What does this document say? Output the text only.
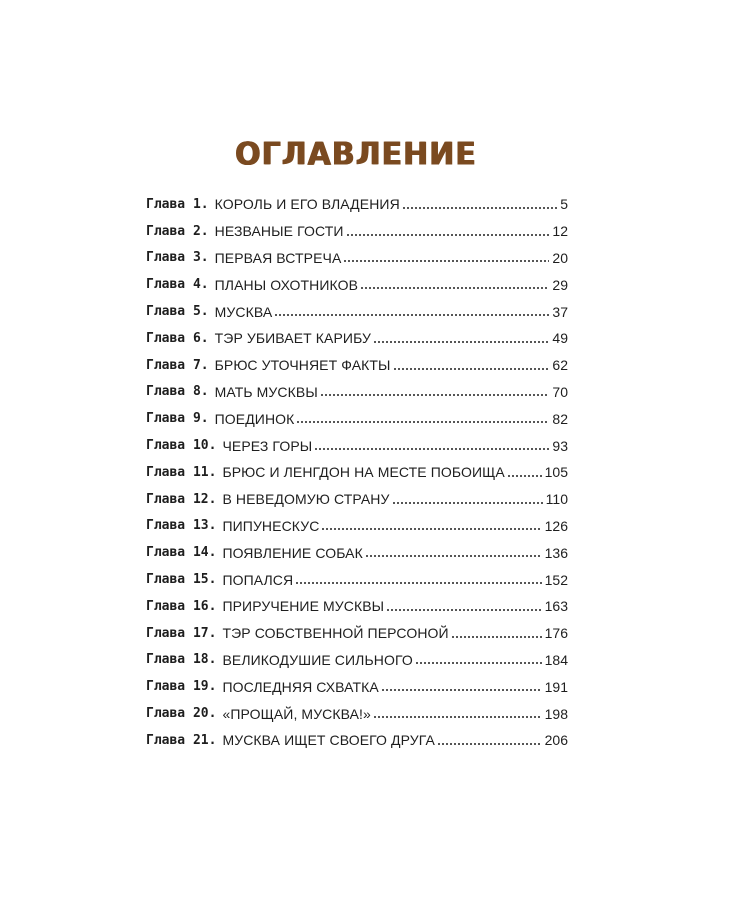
ОГЛАВЛЕНИЕ
Глава 1. КОРОЛЬ И ЕГО ВЛАДЕНИЯ	5
Глава 2. НЕЗВАНЫЕ ГОСТИ	12
Глава 3. ПЕРВАЯ ВСТРЕЧА	20
Глава 4. ПЛАНЫ ОХОТНИКОВ	29
Глава 5. МУСКВА	37
Глава 6. ТЭР УБИВАЕТ КАРИБУ	49
Глава 7. БРЮС УТОЧНЯЕТ ФАКТЫ	62
Глава 8. МАТЬ МУСКВЫ	70
Глава 9. ПОЕДИНОК	82
Глава 10. ЧЕРЕЗ ГОРЫ	93
Глава 11. БРЮС И ЛЕНГДОН НА МЕСТЕ ПОБОИЩА	105
Глава 12. В НЕВЕДОМУЮ СТРАНУ	110
Глава 13. ПИПУНЕСКУС	126
Глава 14. ПОЯВЛЕНИЕ СОБАК	136
Глава 15. ПОПАЛСЯ	152
Глава 16. ПРИРУЧЕНИЕ МУСКВЫ	163
Глава 17. ТЭР СОБСТВЕННОЙ ПЕРСОНОЙ	176
Глава 18. ВЕЛИКОДУШИЕ СИЛЬНОГО	184
Глава 19. ПОСЛЕДНЯЯ СХВАТКА	191
Глава 20. «ПРОЩАЙ, МУСКВА!»	198
Глава 21. МУСКВА ИЩЕТ СВОЕГО ДРУГА	206
